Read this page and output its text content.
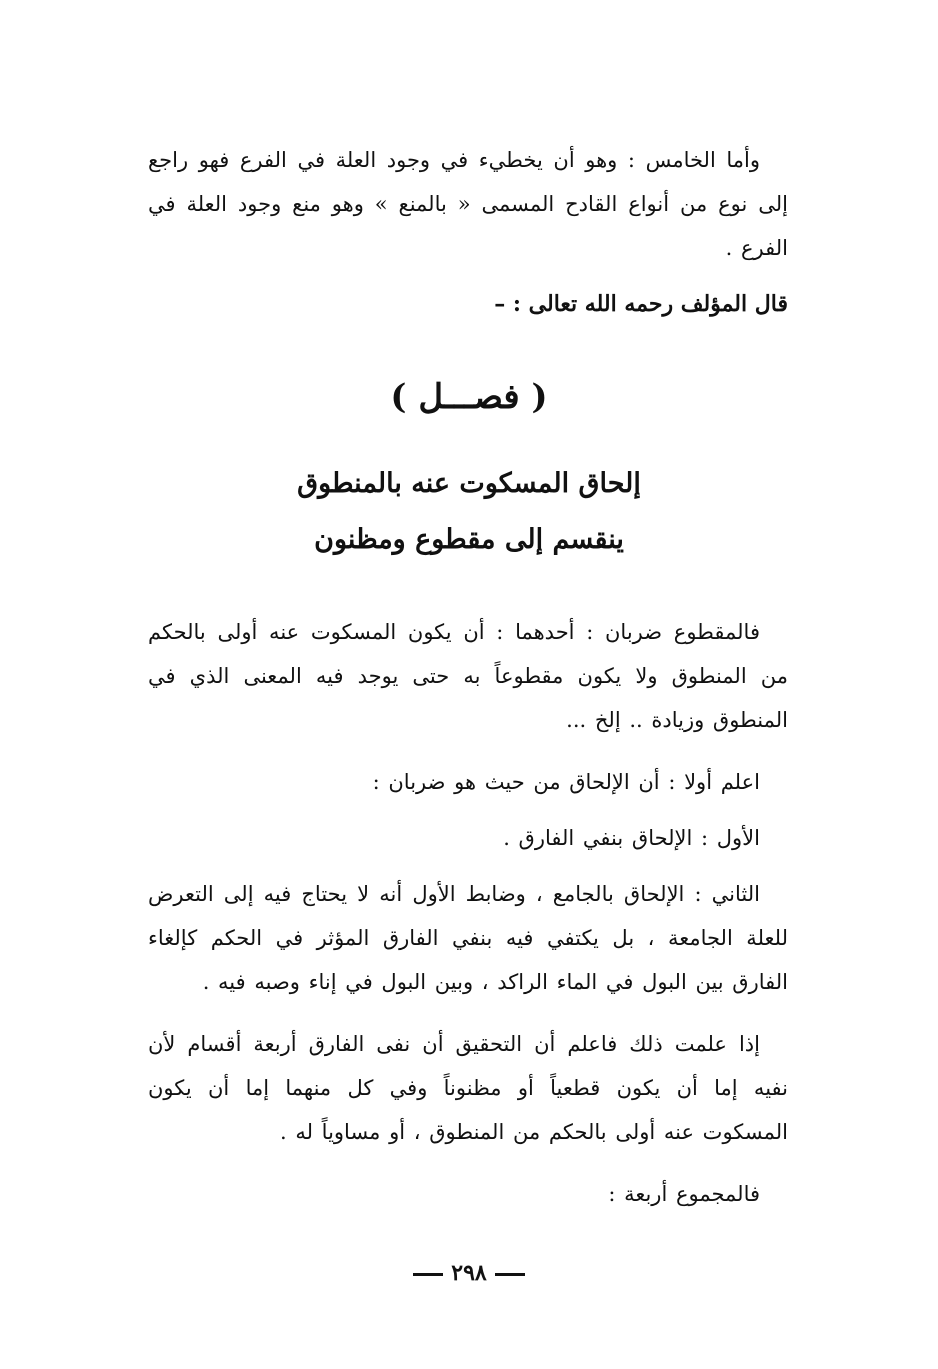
وأما الخامس : وهو أن يخطيء في وجود العلة في الفرع فهو راجع إلى نوع من أنواع القادح المسمى « بالمنع » وهو منع وجود العلة في الفرع .
قال المؤلف رحمه الله تعالى : –
( فصـــل )
إلحاق المسكوت عنه بالمنطوق
ينقسم إلى مقطوع ومظنون
فالمقطوع ضربان : أحدهما : أن يكون المسكوت عنه أولى بالحكم من المنطوق ولا يكون مقطوعاً به حتى يوجد فيه المعنى الذي في المنطوق وزيادة .. إلخ ...
اعلم أولا : أن الإلحاق من حيث هو ضربان :
الأول : الإلحاق بنفي الفارق .
الثاني : الإلحاق بالجامع ، وضابط الأول أنه لا يحتاج فيه إلى التعرض للعلة الجامعة ، بل يكتفي فيه بنفي الفارق المؤثر في الحكم كإلغاء الفارق بين البول في الماء الراكد ، وبين البول في إناء وصبه فيه .
إذا علمت ذلك فاعلم أن التحقيق أن نفى الفارق أربعة أقسام لأن نفيه إما أن يكون قطعياً أو مظنوناً وفي كل منهما إما أن يكون المسكوت عنه أولى بالحكم من المنطوق ، أو مساوياً له .
فالمجموع أربعة :
٢٩٨
